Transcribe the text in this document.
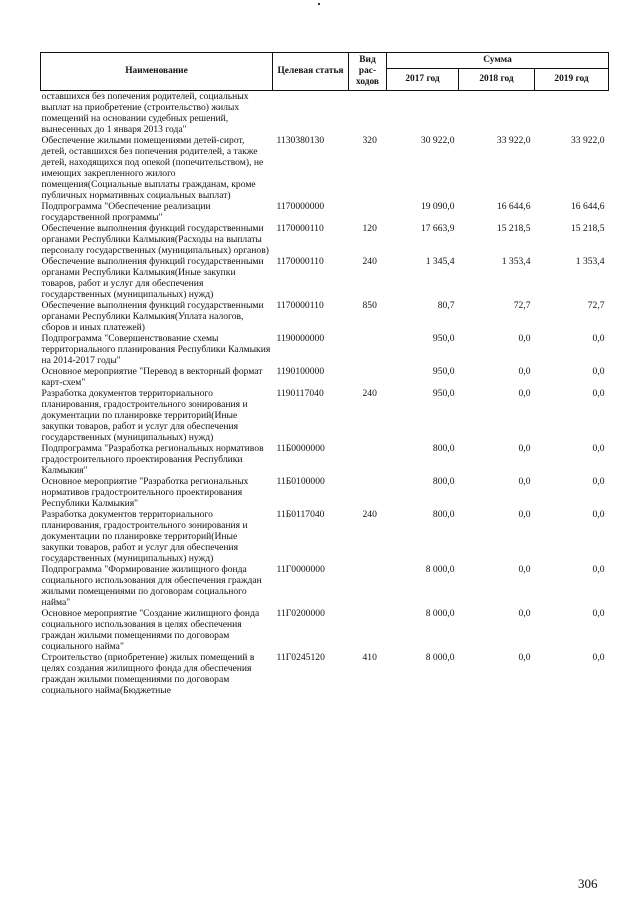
Наименование	Целевая статья	Вид рас- ходов	Сумма		
			2017 год	2018 год	2019 год
оставшихся без попечения родителей, социальных выплат на приобретение (строительство) жилых помещений на основании судебных решений, вынесенных до 1 января 2013 года"					
Обеспечение жилыми помещениями детей-сирот, детей, оставшихся без попечения родителей, а также детей, находящихся под опекой (попечительством), не имеющих закрепленного жилого помещения(Социальные выплаты гражданам, кроме публичных нормативных социальных выплат)	1130380130	320	30 922,0	33 922,0	33 922,0
Подпрограмма "Обеспечение реализации государственной программы"	1170000000		19 090,0	16 644,6	16 644,6
Обеспечение выполнения функций государственными органами Республики Калмыкия(Расходы на выплаты персоналу государственных (муниципальных) органов)	1170000110	120	17 663,9	15 218,5	15 218,5
Обеспечение выполнения функций государственными органами Республики Калмыкия(Иные закупки товаров, работ и услуг для обеспечения государственных (муниципальных) нужд)	1170000110	240	1 345,4	1 353,4	1 353,4
Обеспечение выполнения функций государственными органами Республики Калмыкия(Уплата налогов, сборов и иных платежей)	1170000110	850	80,7	72,7	72,7
Подпрограмма "Совершенствование схемы территориального планирования Республики Калмыкия на 2014-2017 годы"	1190000000		950,0	0,0	0,0
Основное мероприятие "Перевод в векторный формат карт-схем"	1190100000		950,0	0,0	0,0
Разработка документов территориального планирования, градостроительного зонирования и документации по планировке территорий(Иные закупки товаров, работ и услуг для обеспечения государственных (муниципальных) нужд)	1190117040	240	950,0	0,0	0,0
Подпрограмма "Разработка региональных нормативов градостроительного проектирования Республики Калмыкия"	11Б0000000		800,0	0,0	0,0
Основное мероприятие "Разработка региональных нормативов градостроительного проектирования Республики Калмыкия"	11Б0100000		800,0	0,0	0,0
Разработка документов территориального планирования, градостроительного зонирования и документации по планировке территорий(Иные закупки товаров, работ и услуг для обеспечения государственных (муниципальных) нужд)	11Б0117040	240	800,0	0,0	0,0
Подпрограмма "Формирование жилищного фонда социального использования для обеспечения граждан жилыми помещениями по договорам социального найма"	11Г0000000		8 000,0	0,0	0,0
Основное мероприятие "Создание жилищного фонда социального использования в целях обеспечения граждан жилыми помещениями по договорам социального найма"	11Г0200000		8 000,0	0,0	0,0
Строительство (приобретение) жилых помещений в целях создания жилищного фонда для обеспечения граждан жилыми помещениями по договорам социального найма(Бюджетные	11Г0245120	410	8 000,0	0,0	0,0
306
